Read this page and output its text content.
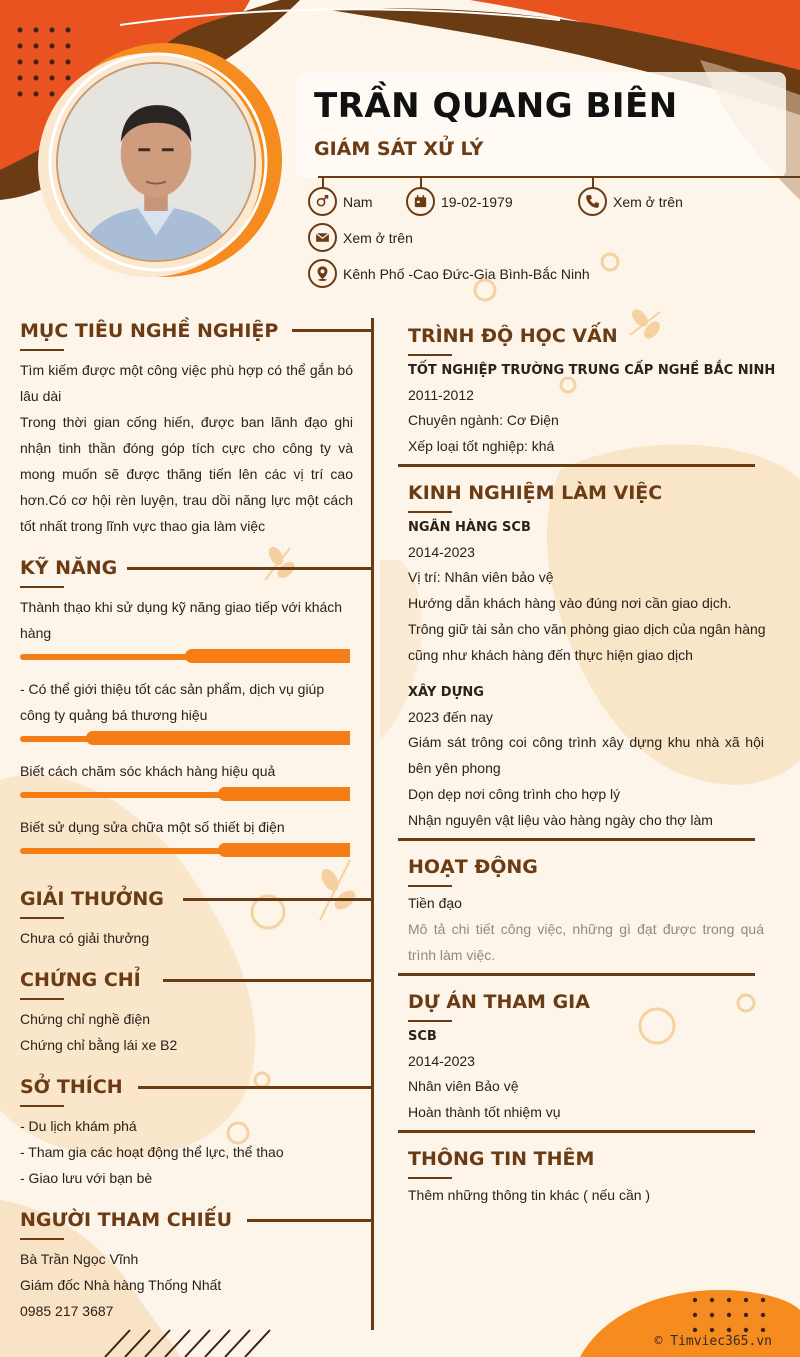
TRẦN QUANG BIÊN
GIÁM SÁT XỬ LÝ
Nam	19-02-1979	Xem ở trên
Xem ở trên
Kênh Phố -Cao Đức-Gia Bình-Bắc Ninh
MỤC TIÊU NGHỀ NGHIỆP
Tìm kiếm được một công việc phù hợp có thể gắn bó lâu dài
Trong thời gian cống hiến, được ban lãnh đạo ghi nhận tinh thần đóng góp tích cực cho công ty và mong muốn sẽ được thăng tiến lên các vị trí cao hơn.Có cơ hội rèn luyện, trau dồi năng lực một cách tốt nhất trong lĩnh vực thao gia làm việc
KỸ NĂNG
Thành thạo khi sử dụng kỹ năng giao tiếp với khách hàng
- Có thể giới thiệu tốt các sản phẩm, dịch vụ giúp công ty quảng bá thương hiệu
Biết cách chăm sóc khách hàng hiệu quả
Biết sử dụng sửa chữa một số thiết bị điện
GIẢI THƯỞNG
Chưa có giải thưởng
CHỨNG CHỈ
Chứng chỉ nghề điện
Chứng chỉ bằng lái xe B2
SỞ THÍCH
- Du lịch khám phá
- Tham gia các hoạt động thể lực, thể thao
- Giao lưu với bạn bè
NGƯỜI THAM CHIẾU
Bà Trần Ngọc Vĩnh
Giám đốc Nhà hàng Thống Nhất
0985 217 3687
TRÌNH ĐỘ HỌC VẤN
TỐT NGHIỆP TRƯỜNG TRUNG CẤP NGHỀ BẮC NINH
2011-2012
Chuyên ngành: Cơ Điện
Xếp loại tốt nghiệp: khá
KINH NGHIỆM LÀM VIỆC
NGÂN HÀNG SCB
2014-2023
Vị trí: Nhân viên bảo vệ
Hướng dẫn khách hàng vào đúng nơi cần giao dịch.
Trông giữ tài sản cho văn phòng giao dịch của ngân hàng cũng như khách hàng đến thực hiện giao dịch
XÂY DỰNG
2023 đến nay
Giám sát trông coi công trình xây dựng khu nhà xã hội bên yên phong
Dọn dẹp nơi công trình cho hợp lý
Nhận nguyên vật liệu vào hàng ngày cho thợ làm
HOẠT ĐỘNG
Tiền đạo
Mô tả chi tiết công việc, những gì đạt được trong quá trình làm việc.
DỰ ÁN THAM GIA
SCB
2014-2023
Nhân viên Bảo vệ
Hoàn thành tốt nhiệm vụ
THÔNG TIN THÊM
Thêm những thông tin khác ( nếu cần )
© Timviec365.vn
